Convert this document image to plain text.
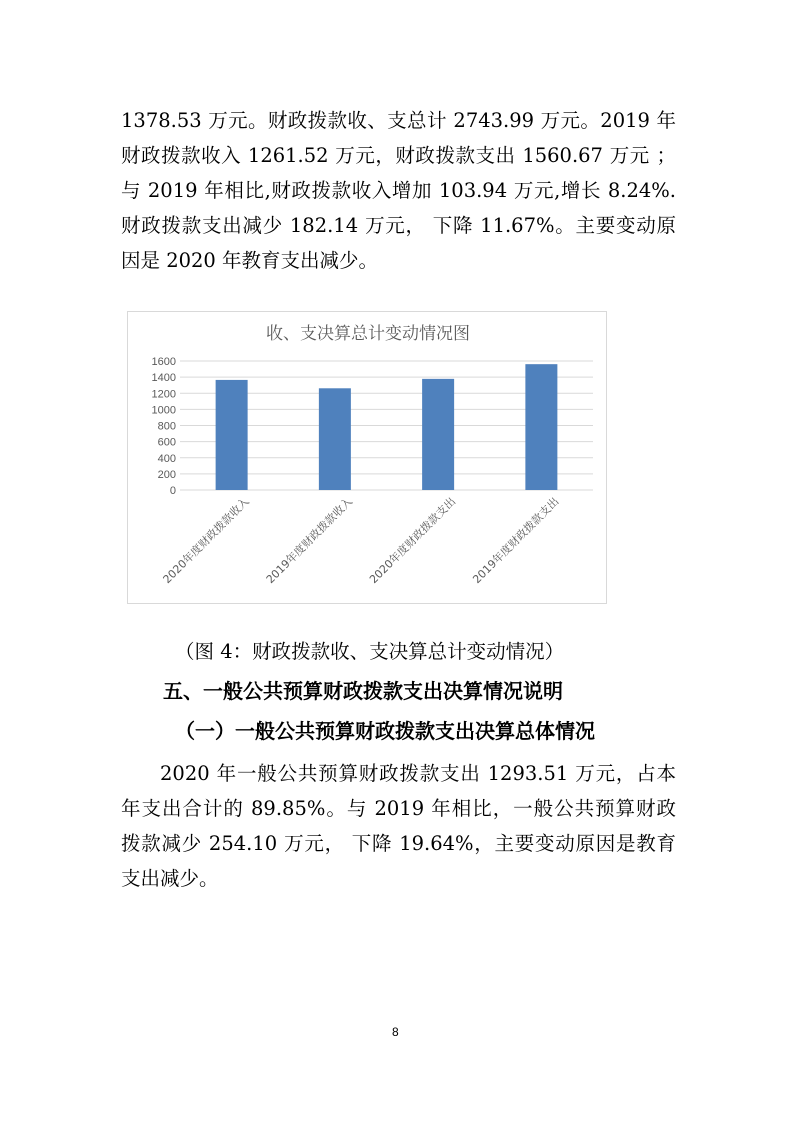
1378.53 万元。财政拨款收、支总计 2743.99 万元。2019 年
财政拨款收入 1261.52 万元，财政拨款支出 1560.67 万元 ；
与 2019 年相比,财政拨款收入增加 103.94 万元,增长 8.24%.
财政拨款支出减少 182.14 万元， 下降 11.67%。主要变动原
因是 2020 年教育支出减少。
收、支决算总计变动情况图
0
200
400
600
800
1000
1200
1400
1600
2020年度财政拨款收入 2019年度财政拨款收入 2020年度财政拨款支出 2019年度财政拨款支出
（图 4：财政拨款收、支决算总计变动情况）
五、一般公共预算财政拨款支出决算情况说明
（一）一般公共预算财政拨款支出决算总体情况
2020 年一般公共预算财政拨款支出 1293.51 万元，占本
年支出合计的 89.85%。与 2019 年相比，一般公共预算财政
拨款减少 254.10 万元， 下降 19.64%，主要变动原因是教育
支出减少。
8
